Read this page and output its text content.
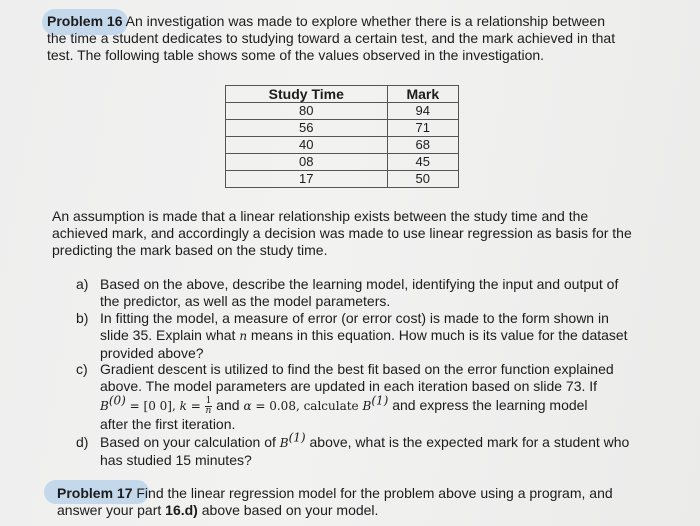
Problem 16 An investigation was made to explore whether there is a relationship between
the time a student dedicates to studying toward a certain test, and the mark achieved in that
test. The following table shows some of the values observed in the investigation.
Study Time	Mark
80	94
56	71
40	68
08	45
17	50
An assumption is made that a linear relationship exists between the study time and the
achieved mark, and accordingly a decision was made to use linear regression as basis for the
predicting the mark based on the study time.
a) Based on the above, describe the learning model, identifying the input and output of
the predictor, as well as the model parameters.
b) In fitting the model, a measure of error (or error cost) is made to the form shown in
slide 35. Explain what n means in this equation. How much is its value for the dataset
provided above?
c) Gradient descent is utilized to find the best fit based on the error function explained
above. The model parameters are updated in each iteration based on slide 73. If
$B^{(0)} = [0$ 0], $k = \frac{1}{n}$ and α = 0.08, calculate $B^{(1)}$ and express the learning model
after the first iteration.
d) Based on your calculation of $B^{(1)}$ above, what is the expected mark for a student who
has studied 15 minutes?
Problem 17 Find the linear regression model for the problem above using a program, and
answer your part 16.d) above based on your model.
